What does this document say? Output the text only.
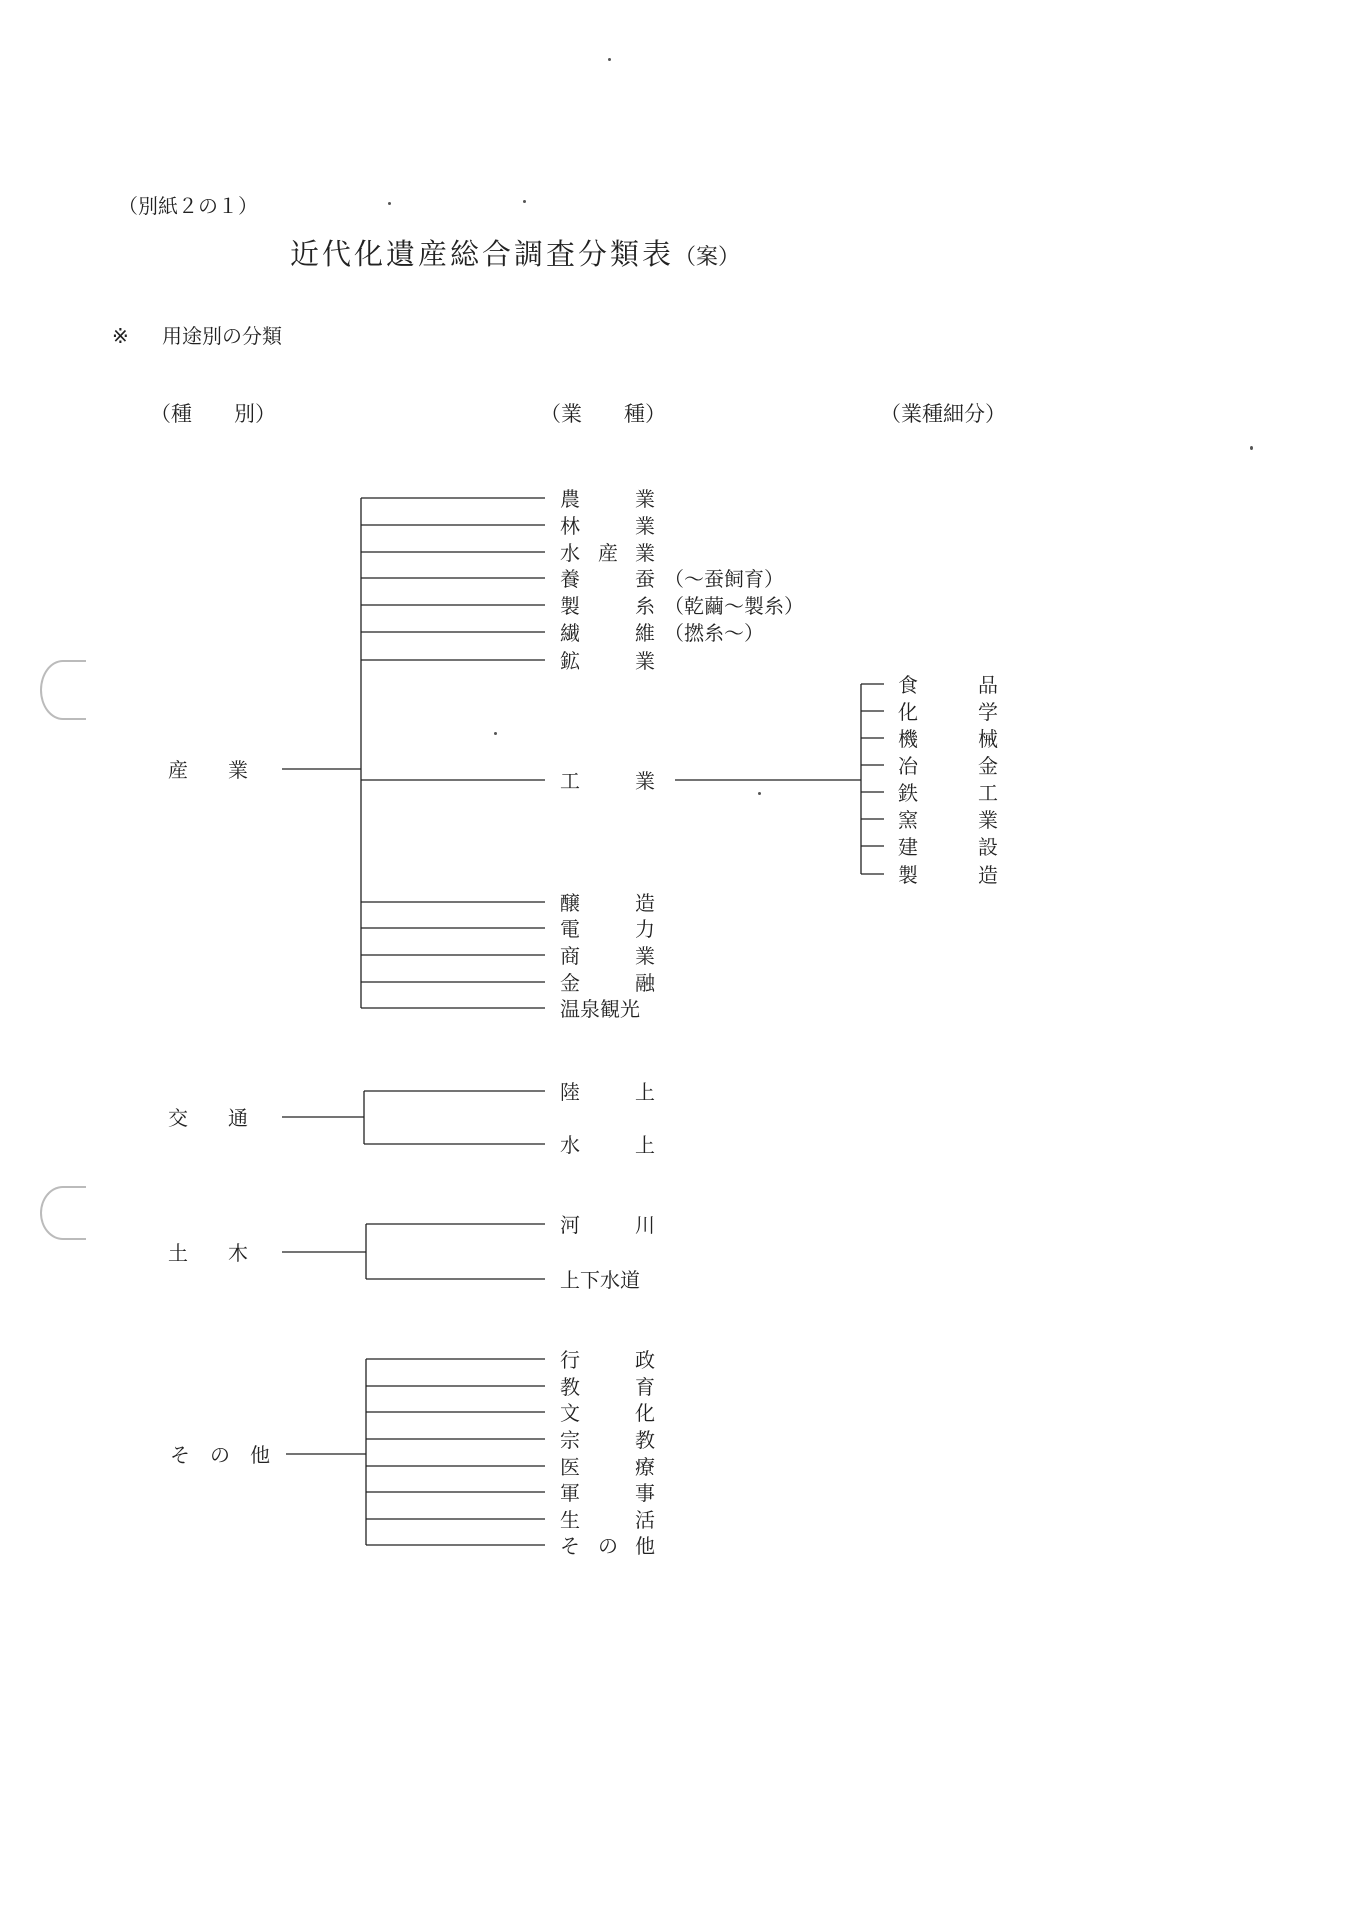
（別紙２の１）
近代化遺産総合調査分類表（案）
※ 用途別の分類
（種　　別）	（業　　種）	（業種細分）
産　　業
交　　通
土　　木
そ　の　他
農	業
林	業
水 産 業
養	蚕 （～蚕飼育）
製	糸 （乾繭～製糸）
繊	維 （撚糸～）
鉱	業
工	業
醸	造
電	力
商	業
金	融
温泉観光
食	品
化	学
機	械
冶	金
鉄	工
窯	業
建	設
製	造
陸	上
水	上
河	川
上下水道
行	政
教	育
文	化
宗	教
医	療
軍	事
生	活
そ の 他
